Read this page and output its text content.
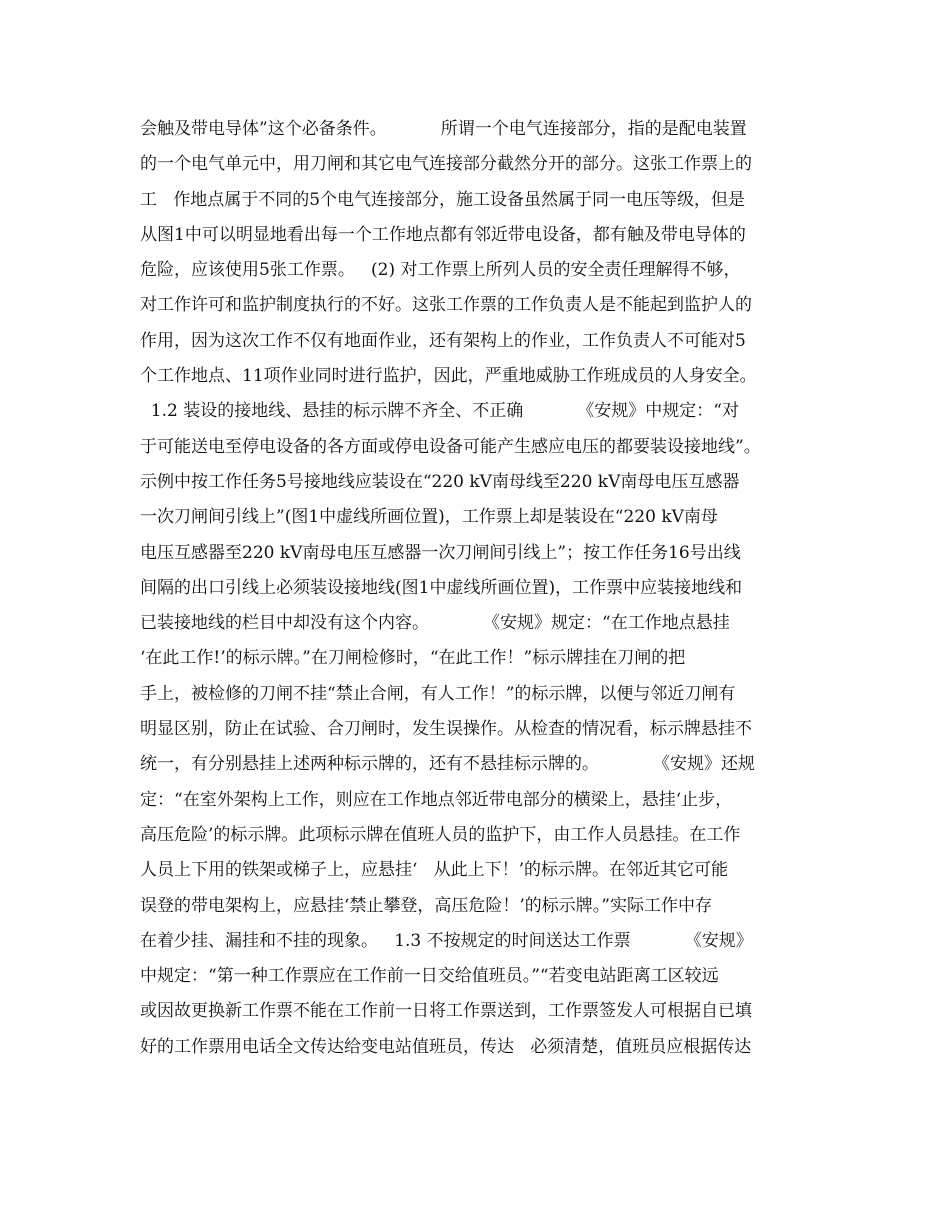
会触及带电导体”这个必备条件。          所谓一个电气连接部分，指的是配电装置
的一个电气单元中，用刀闸和其它电气连接部分截然分开的部分。这张工作票上的
工   作地点属于不同的5个电气连接部分，施工设备虽然属于同一电压等级，但是
从图1中可以明显地看出每一个工作地点都有邻近带电设备，都有触及带电导体的
危险，应该使用5张工作票。   (2) 对工作票上所列人员的安全责任理解得不够，
对工作许可和监护制度执行的不好。这张工作票的工作负责人是不能起到监护人的
作用，因为这次工作不仅有地面作业，还有架构上的作业，工作负责人不可能对5
个工作地点、11项作业同时进行监护，因此，严重地威胁工作班成员的人身安全。
1.2 装设的接地线、悬挂的标示牌不齐全、不正确          《安规》中规定：“对
于可能送电至停电设备的各方面或停电设备可能产生感应电压的都要装设接地线”。
示例中按工作任务5号接地线应装设在“220 kV南母线至220 kV南母电压互感器
一次刀闸间引线上”(图1中虚线所画位置)，工作票上却是装设在“220 kV南母
电压互感器至220 kV南母电压互感器一次刀闸间引线上”；按工作任务16号出线
间隔的出口引线上必须装设接地线(图1中虚线所画位置)，工作票中应装接地线和
已装接地线的栏目中却没有这个内容。          《安规》规定：“在工作地点悬挂
‘在此工作!’的标示牌。”在刀闸检修时，“在此工作！”标示牌挂在刀闸的把
手上，被检修的刀闸不挂“禁止合闸，有人工作！”的标示牌，以便与邻近刀闸有
明显区别，防止在试验、合刀闸时，发生误操作。从检查的情况看，标示牌悬挂不
统一，有分别悬挂上述两种标示牌的，还有不悬挂标示牌的。          《安规》还规
定：“在室外架构上工作，则应在工作地点邻近带电部分的横梁上，悬挂‘止步，
高压危险’的标示牌。此项标示牌在值班人员的监护下，由工作人员悬挂。在工作
人员上下用的铁架或梯子上，应悬挂‘   从此上下！’的标示牌。在邻近其它可能
误登的带电架构上，应悬挂‘禁止攀登，高压危险！’的标示牌。”实际工作中存
在着少挂、漏挂和不挂的现象。   1.3 不按规定的时间送达工作票          《安规》
中规定：“第一种工作票应在工作前一日交给值班员。”“若变电站距离工区较远
或因故更换新工作票不能在工作前一日将工作票送到，工作票签发人可根据自已填
好的工作票用电话全文传达给变电站值班员，传达   必须清楚，值班员应根据传达
